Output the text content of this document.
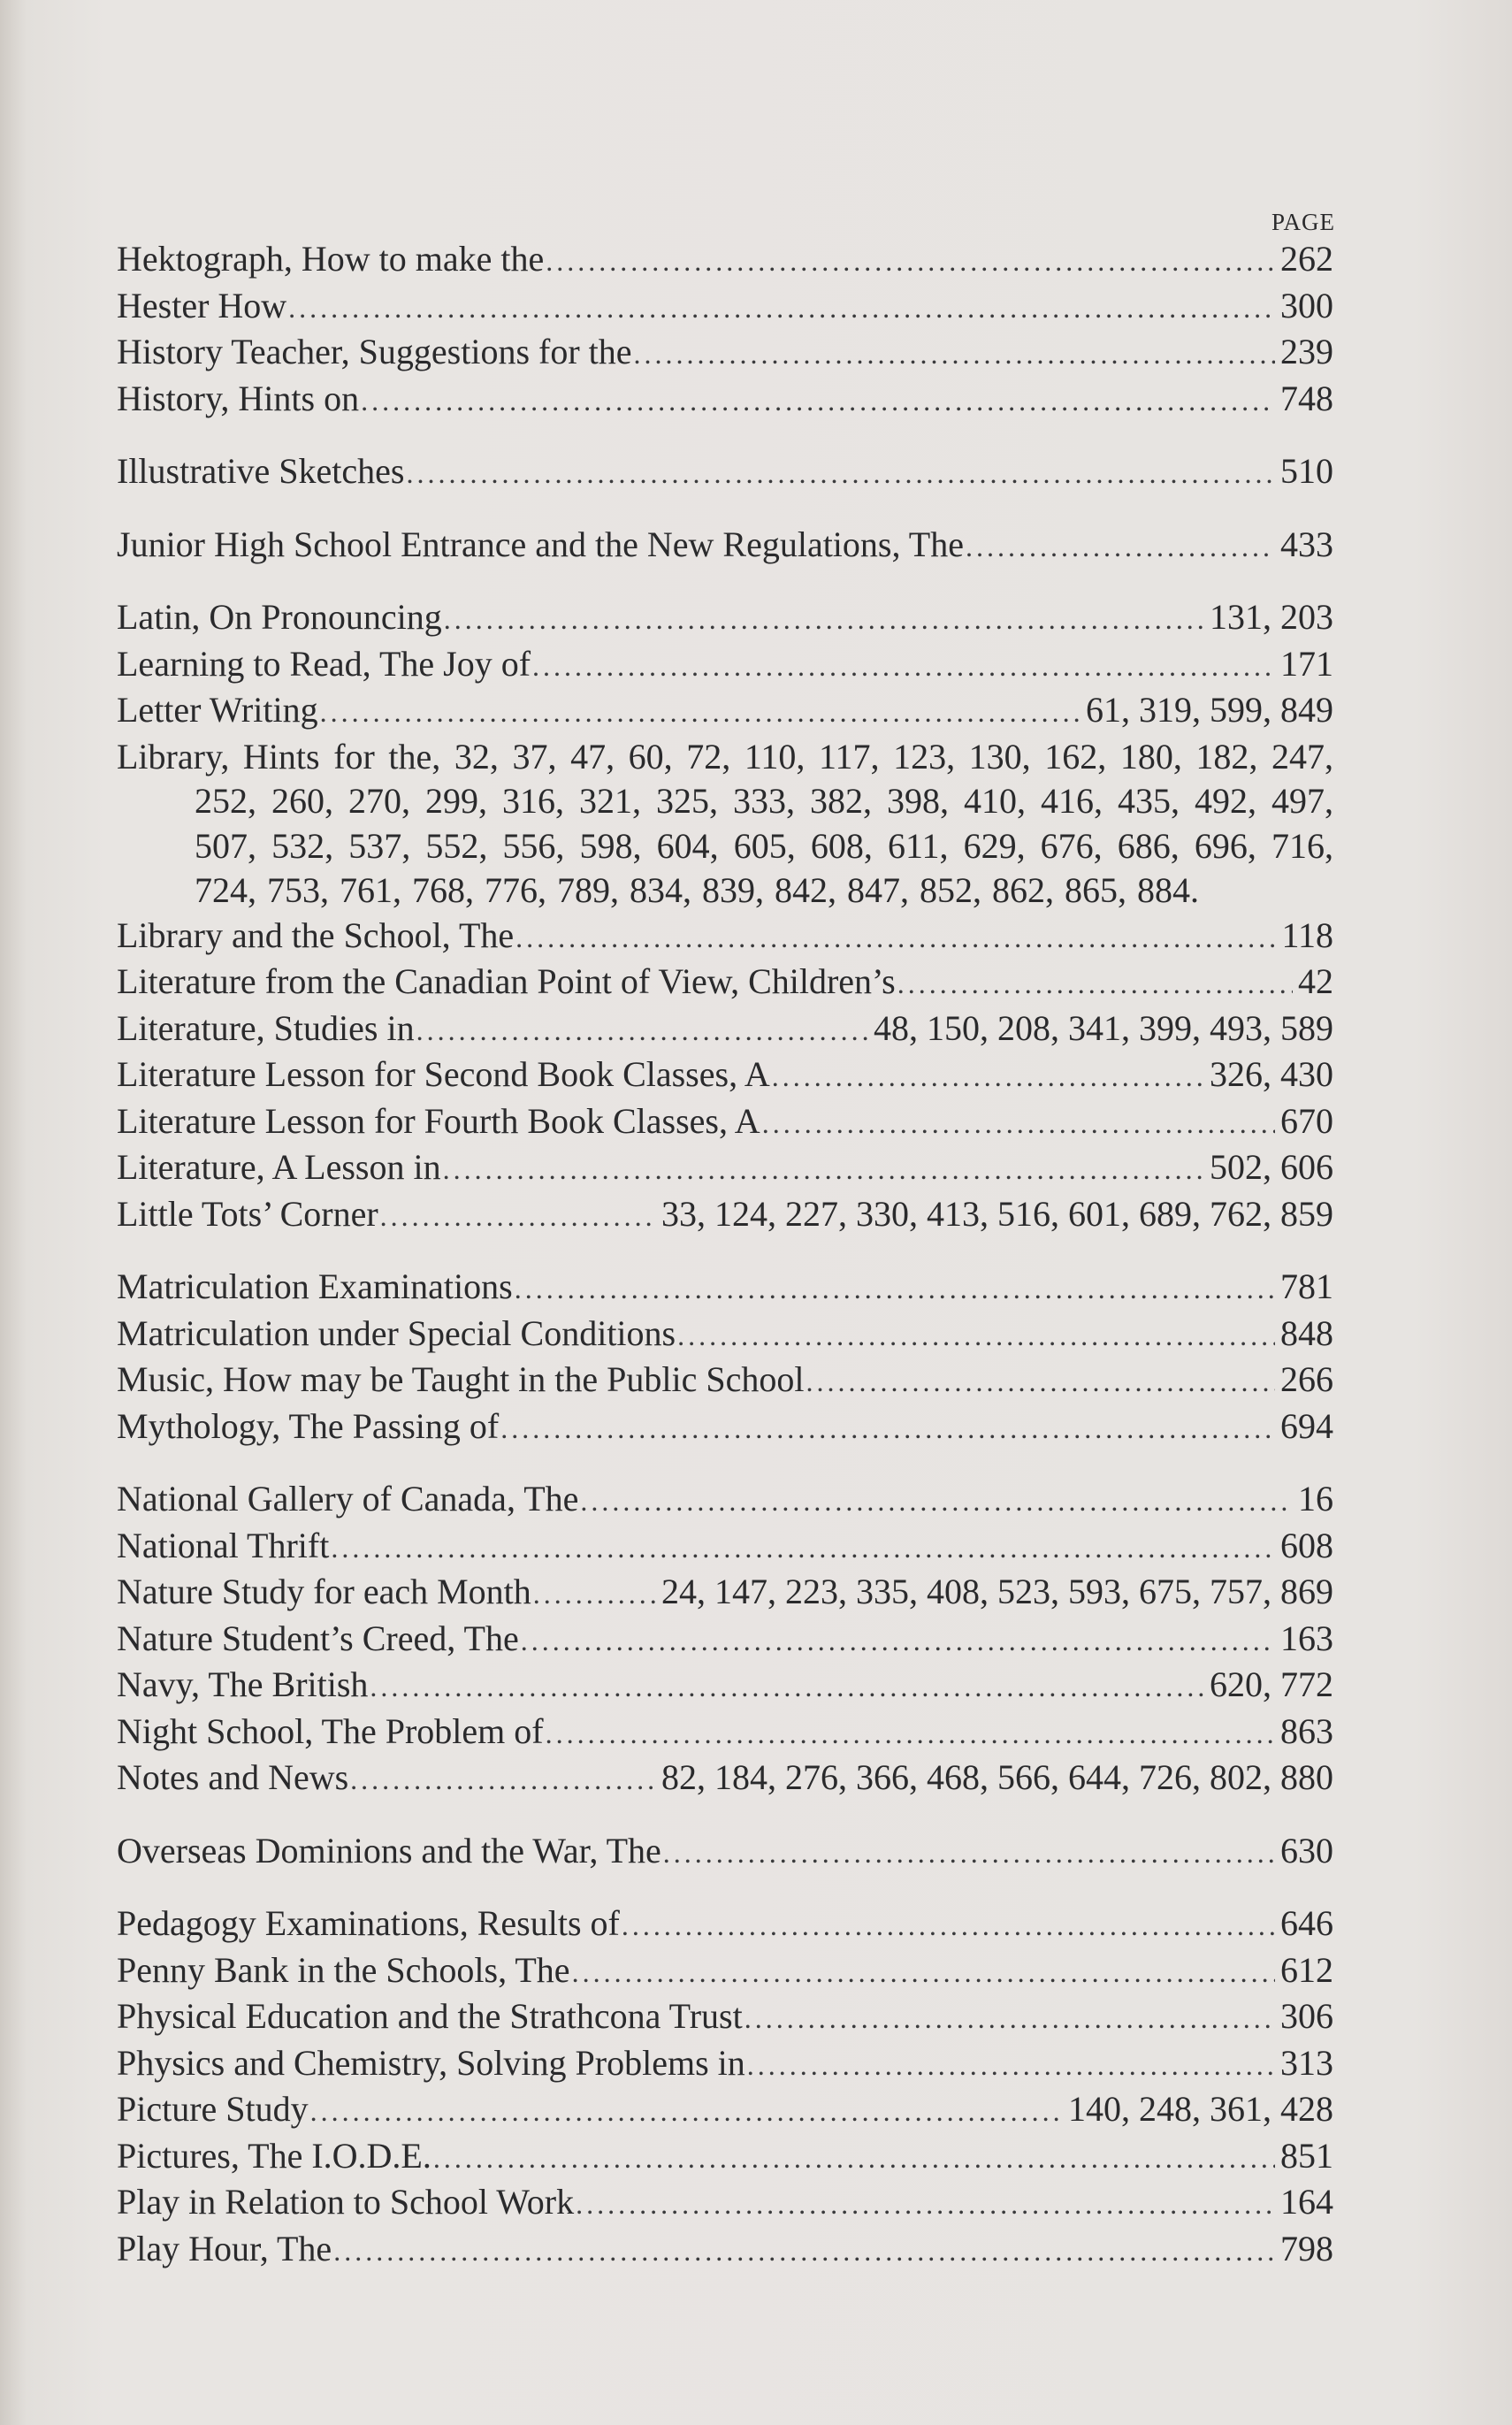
PAGE
Hektograph, How to make the . . .	262
Hester How . . .	300
History Teacher, Suggestions for the . . .	239
History, Hints on . . .	748
Illustrative Sketches . . .	510
Junior High School Entrance and the New Regulations, The . . .	433
Latin, On Pronouncing . . .	131, 203
Learning to Read, The Joy of . . .	171
Letter Writing . . .	61, 319, 599, 849
Library, Hints for the, 32, 37, 47, 60, 72, 110, 117, 123, 130, 162, 180, 182, 247, 252, 260, 270, 299, 316, 321, 325, 333, 382, 398, 410, 416, 435, 492, 497, 507, 532, 537, 552, 556, 598, 604, 605, 608, 611, 629, 676, 686, 696, 716, 724, 753, 761, 768, 776, 789, 834, 839, 842, 847, 852, 862, 865, 884.
Library and the School, The . . .	118
Literature from the Canadian Point of View, Children’s . . .	42
Literature, Studies in . . .	48, 150, 208, 341, 399, 493, 589
Literature Lesson for Second Book Classes, A . . .	326, 430
Literature Lesson for Fourth Book Classes, A . . .	670
Literature, A Lesson in . . .	502, 606
Little Tots’ Corner . . .	33, 124, 227, 330, 413, 516, 601, 689, 762, 859
Matriculation Examinations . . .	781
Matriculation under Special Conditions . . .	848
Music, How may be Taught in the Public School . . .	266
Mythology, The Passing of . . .	694
National Gallery of Canada, The . . .	16
National Thrift . . .	608
Nature Study for each Month . . .	24, 147, 223, 335, 408, 523, 593, 675, 757, 869
Nature Student’s Creed, The . . .	163
Navy, The British . . .	620, 772
Night School, The Problem of . . .	863
Notes and News . . .	82, 184, 276, 366, 468, 566, 644, 726, 802, 880
Overseas Dominions and the War, The . . .	630
Pedagogy Examinations, Results of . . .	646
Penny Bank in the Schools, The . . .	612
Physical Education and the Strathcona Trust . . .	306
Physics and Chemistry, Solving Problems in . . .	313
Picture Study . . .	140, 248, 361, 428
Pictures, The I.O.D.E. . . .	851
Play in Relation to School Work . . .	164
Play Hour, The . . .	798
